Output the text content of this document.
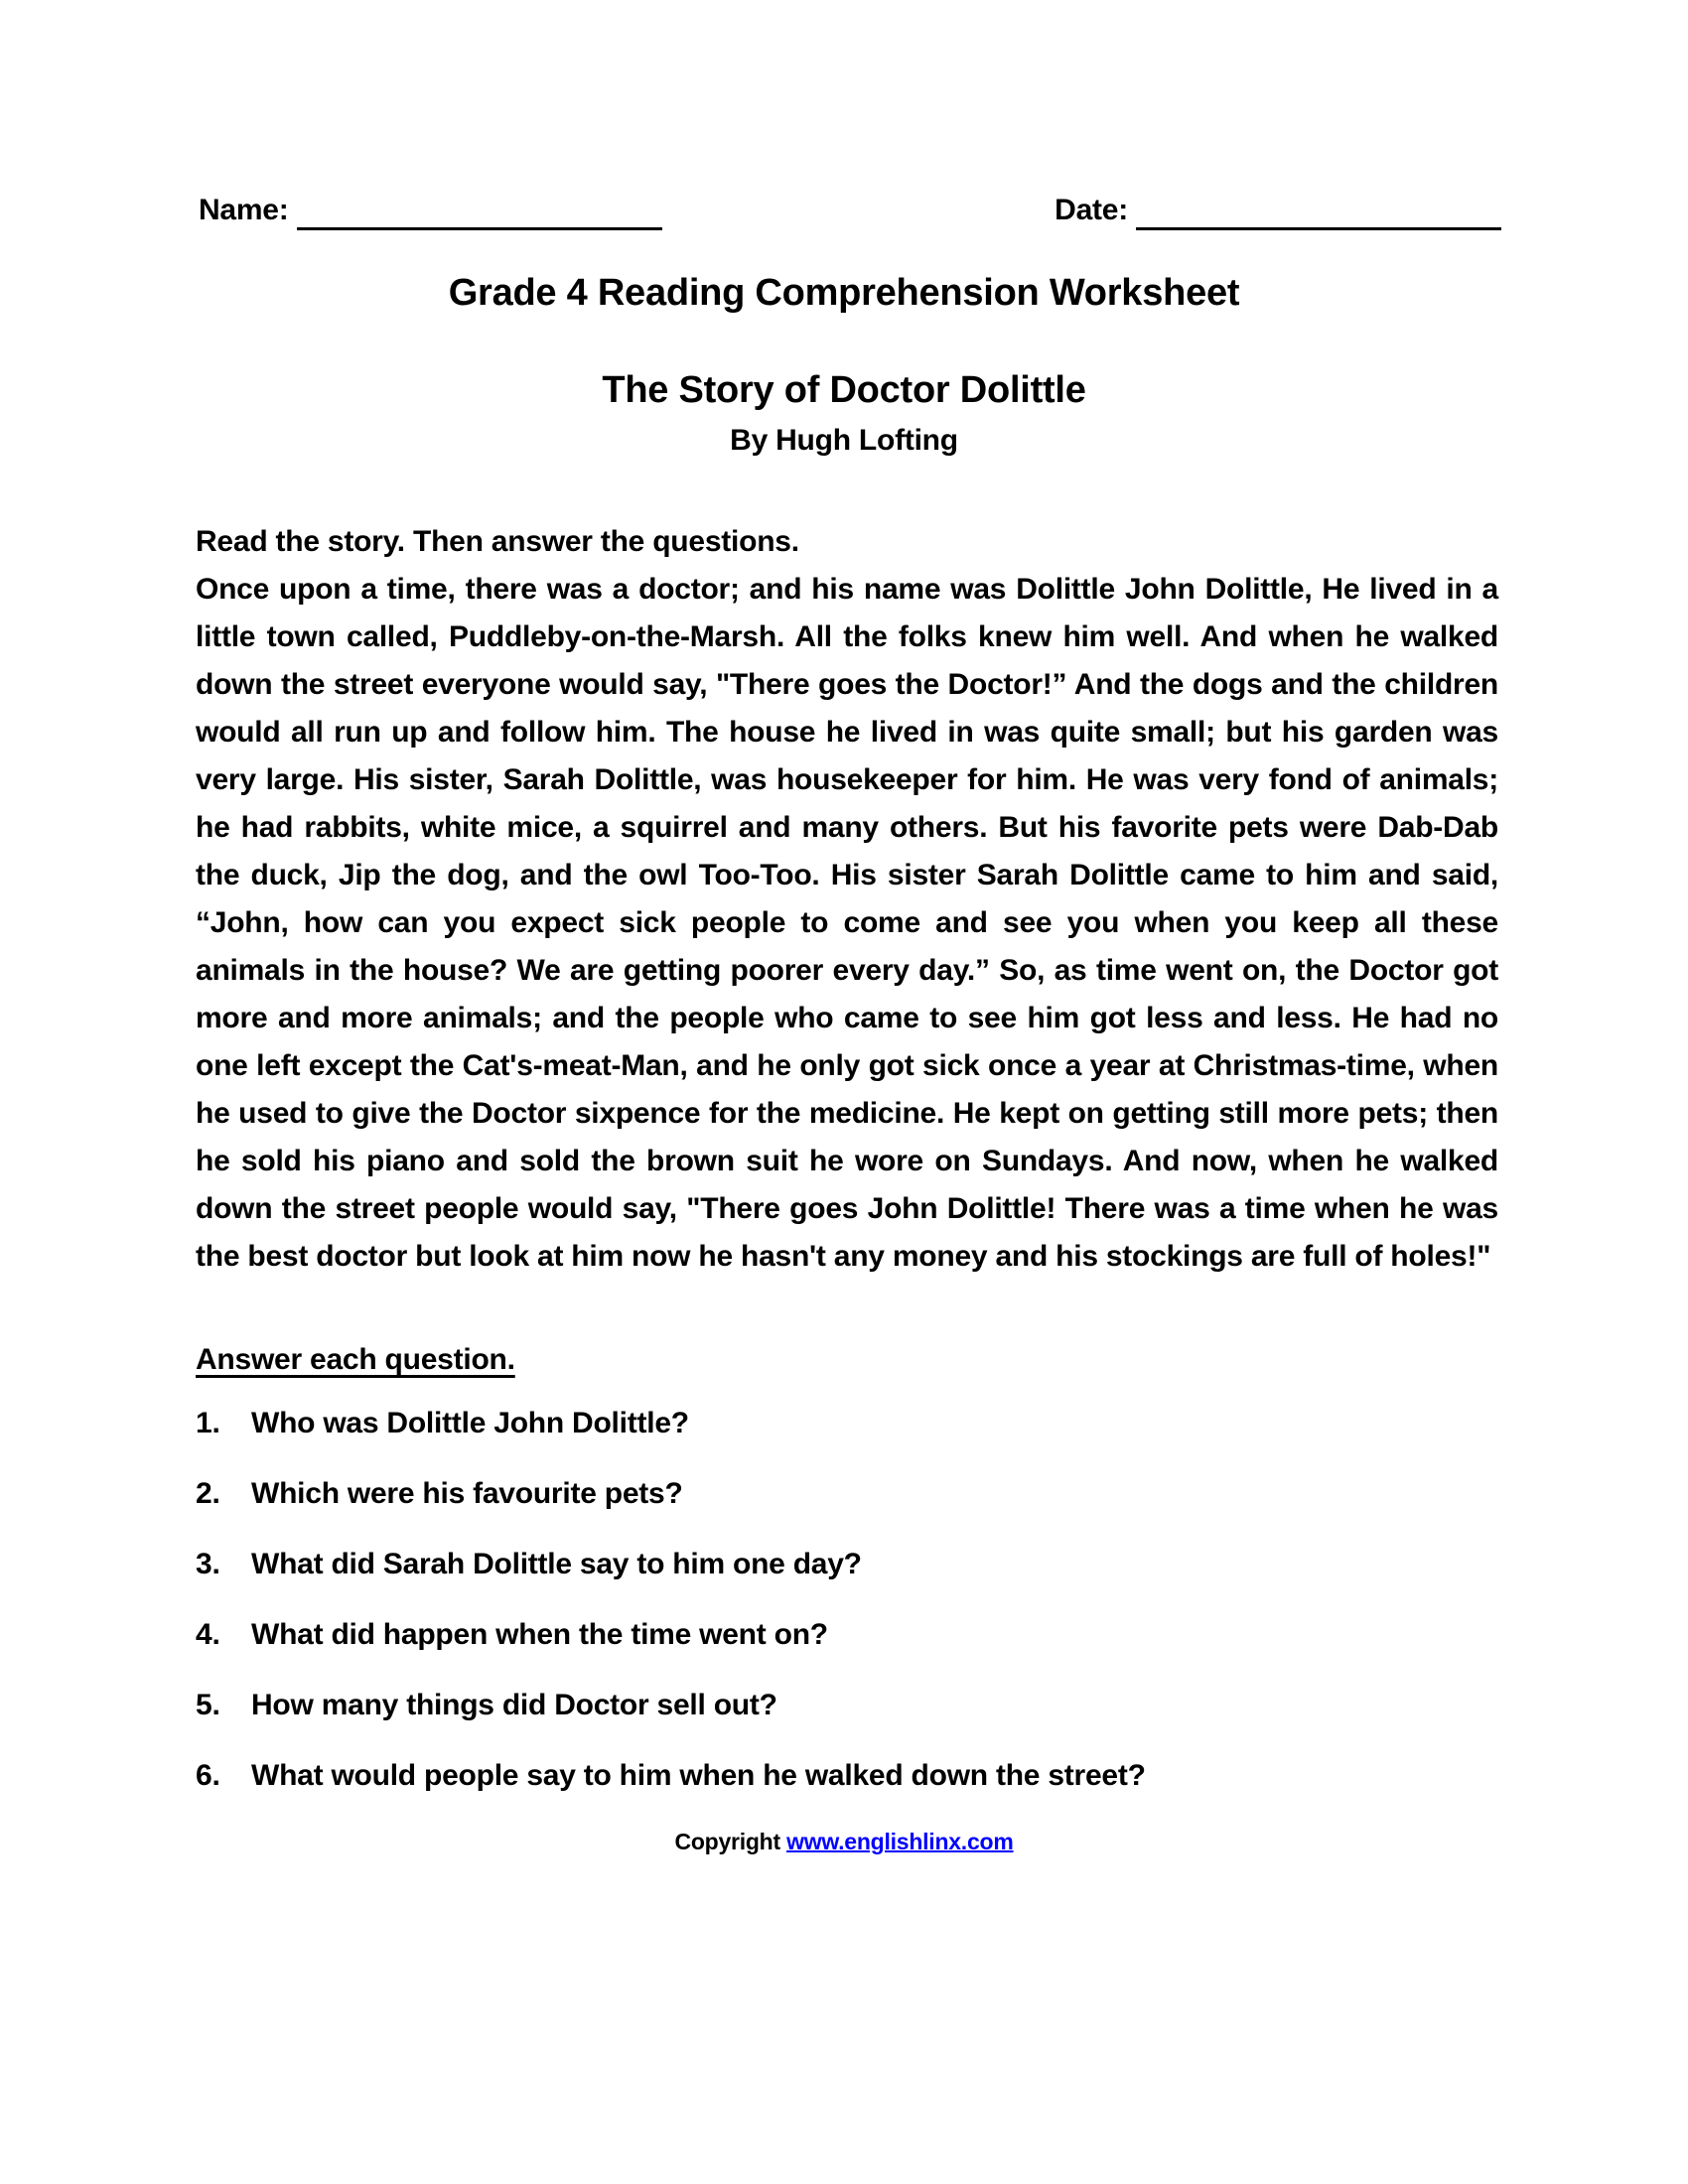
Name:	Date:
Grade 4 Reading Comprehension Worksheet
The Story of Doctor Dolittle
By Hugh Lofting

Read the story. Then answer the questions.

Once upon a time, there was a doctor; and his name was Dolittle John Dolittle, He lived in a little town called, Puddleby-on-the-Marsh. All the folks knew him well. And when he walked down the street everyone would say, "There goes the Doctor!” And the dogs and the children would all run up and follow him. The house he lived in was quite small; but his garden was very large. His sister, Sarah Dolittle, was housekeeper for him. He was very fond of animals; he had rabbits, white mice, a squirrel and many others. But his favorite pets were Dab-Dab the duck, Jip the dog, and the owl Too-Too. His sister Sarah Dolittle came to him and said, “John, how can you expect sick people to come and see you when you keep all these animals in the house? We are getting poorer every day.” So, as time went on, the Doctor got more and more animals; and the people who came to see him got less and less. He had no one left except the Cat's-meat-Man, and he only got sick once a year at Christmas-time, when he used to give the Doctor sixpence for the medicine. He kept on getting still more pets; then he sold his piano and sold the brown suit he wore on Sundays. And now, when he walked down the street people would say, "There goes John Dolittle! There was a time when he was the best doctor but look at him now he hasn't any money and his stockings are full of holes!"

Answer each question.

1.	Who was Dolittle John Dolittle?
2.	Which were his favourite pets?
3.	What did Sarah Dolittle say to him one day?
4.	What did happen when the time went on?
5.	How many things did Doctor sell out?
6.	What would people say to him when he walked down the street?
Copyright www.englishlinx.com
